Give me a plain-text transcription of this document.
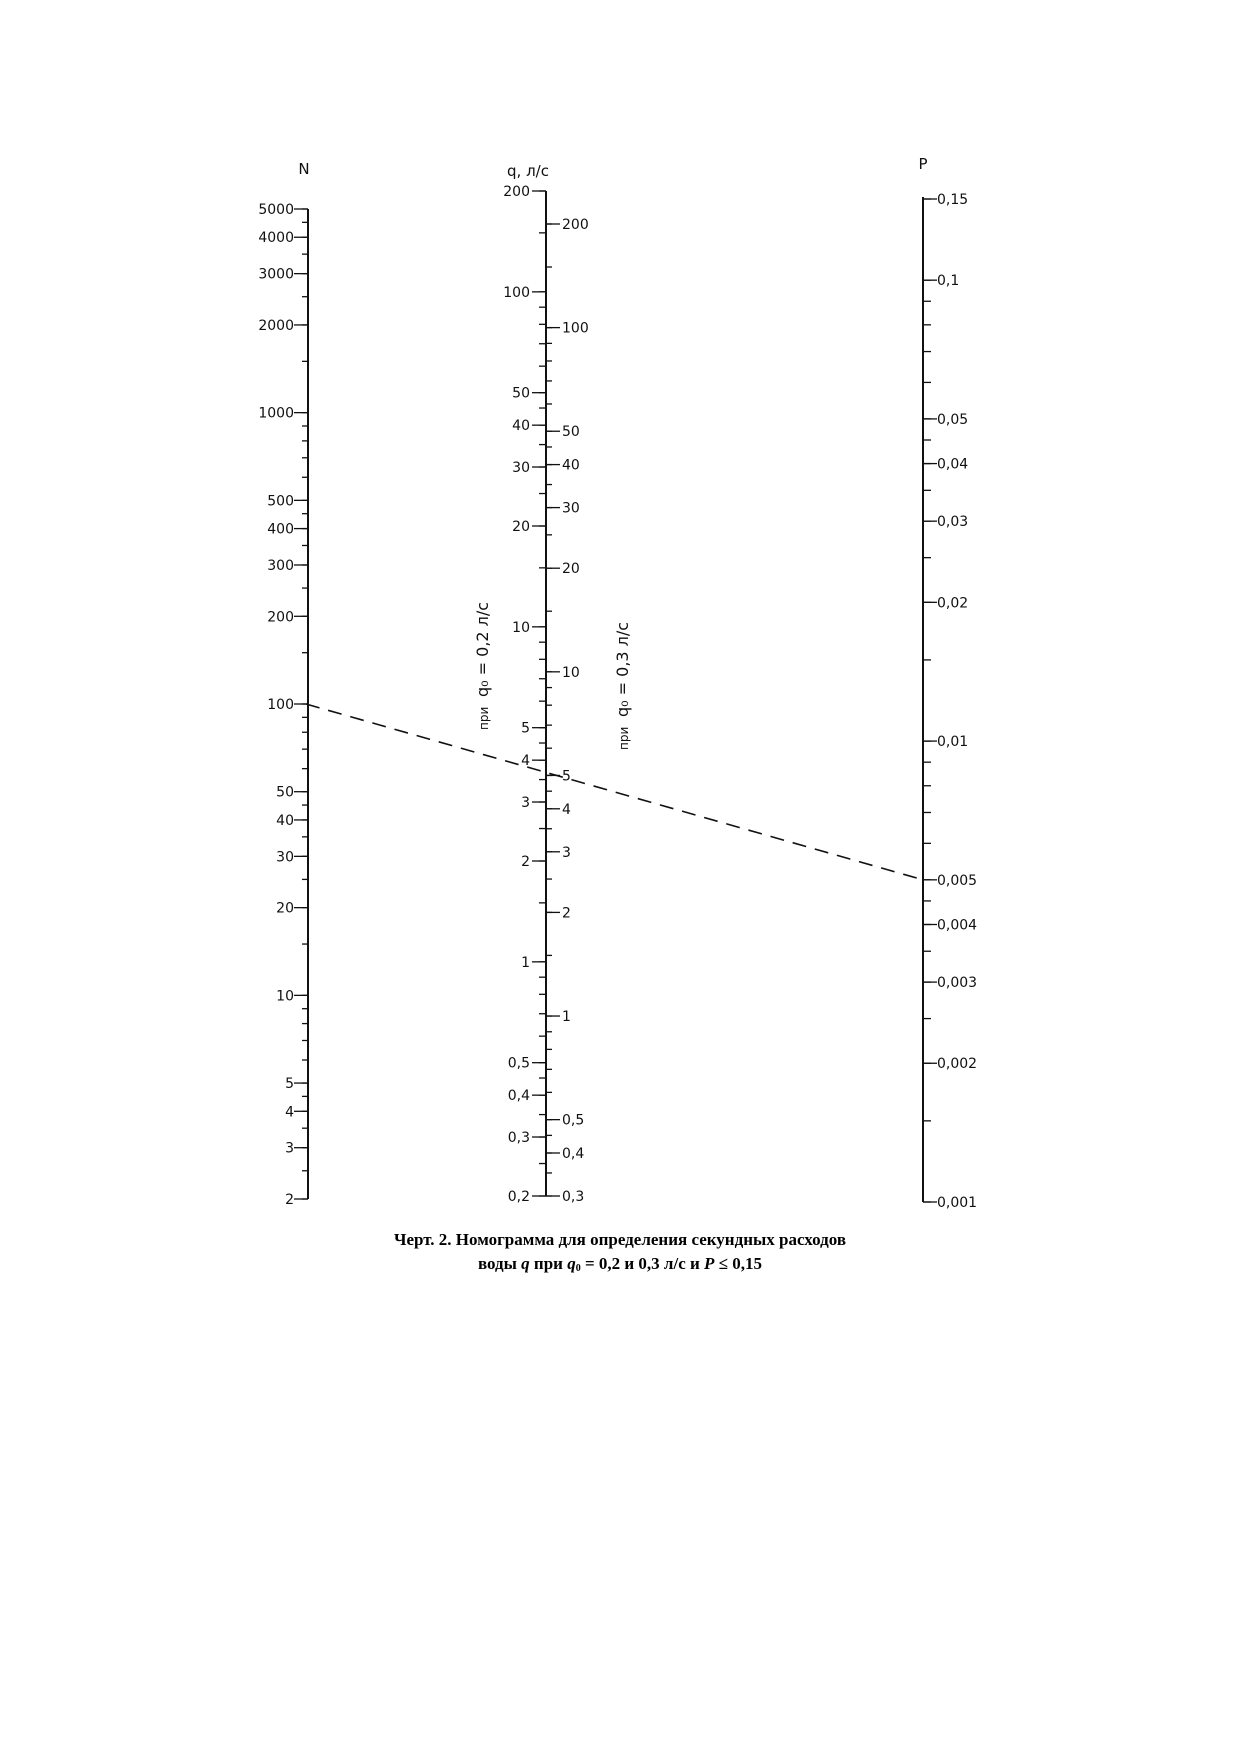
N	q, л/с	P
при
q₀ = 0,2 л/с
при
q₀ = 0,3 л/с
5000
4000
3000
2000
1000
500
400
300
200
100
50
40
30
20
10
5
4
3
2
200
100
50
40
30
20
10
5
4
3
2
1
0,5
0,4
0,3
0,2
200
100
50
40
30
20
10
5
4
3
2
1
0,5
0,4
0,3
0,15
0,1
0,05
0,04
0,03
0,02
0,01
0,005
0,004
0,003
0,002
0,001
Черт. 2. Номограмма для определения секундных расходов
воды q при $q_0 = 0,2$ и 0,3 л/с и P ≤ 0,15
